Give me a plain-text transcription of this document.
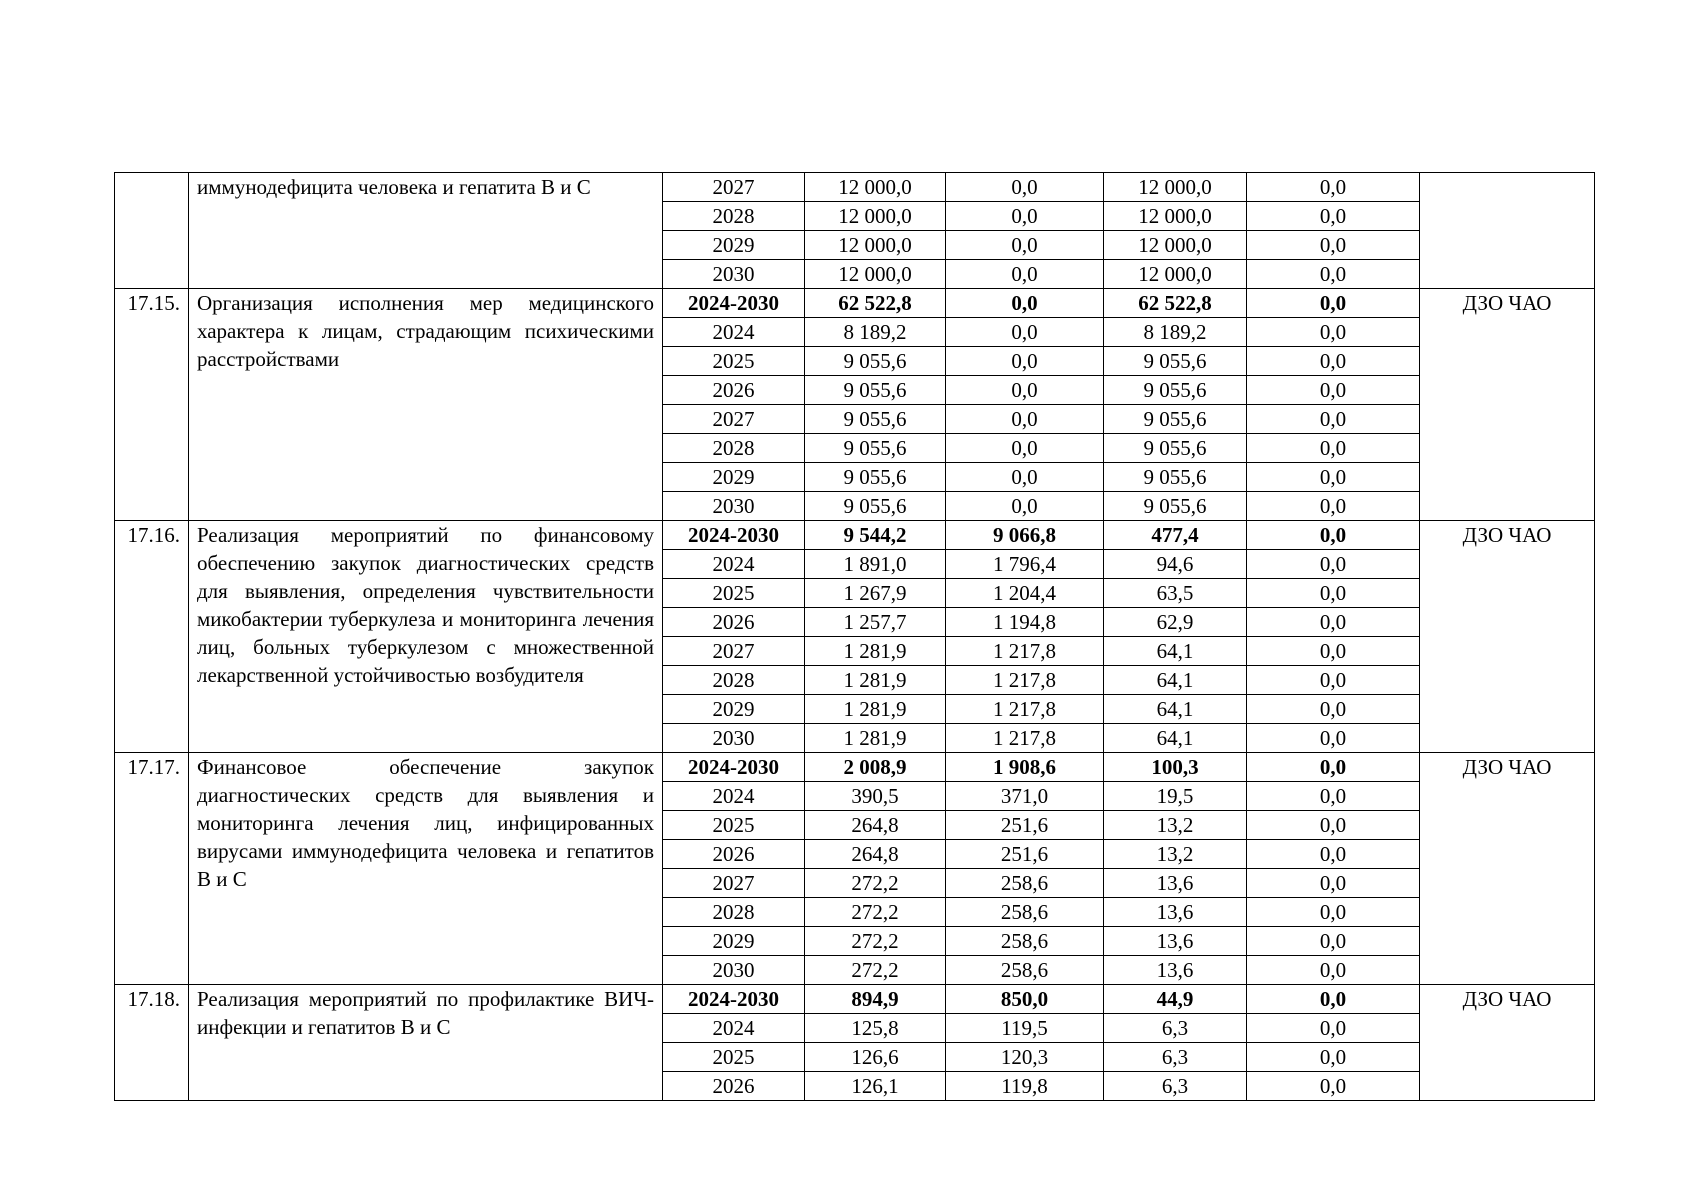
	иммунодефицита человека и гепатита В и С	2027	12 000,0	0,0	12 000,0	0,0	
		2028	12 000,0	0,0	12 000,0	0,0	
		2029	12 000,0	0,0	12 000,0	0,0	
		2030	12 000,0	0,0	12 000,0	0,0	
17.15.	Организация исполнения мер медицинского характера к лицам, страдающим психическими расстройствами	2024-2030	62 522,8	0,0	62 522,8	0,0	ДЗО ЧАО
		2024	8 189,2	0,0	8 189,2	0,0	
		2025	9 055,6	0,0	9 055,6	0,0	
		2026	9 055,6	0,0	9 055,6	0,0	
		2027	9 055,6	0,0	9 055,6	0,0	
		2028	9 055,6	0,0	9 055,6	0,0	
		2029	9 055,6	0,0	9 055,6	0,0	
		2030	9 055,6	0,0	9 055,6	0,0	
17.16.	Реализация мероприятий по финансовому обеспечению закупок диагностических средств для выявления, определения чувствительности микобактерии туберкулеза и мониторинга лечения лиц, больных туберкулезом с множественной лекарственной устойчивостью возбудителя	2024-2030	9 544,2	9 066,8	477,4	0,0	ДЗО ЧАО
		2024	1 891,0	1 796,4	94,6	0,0	
		2025	1 267,9	1 204,4	63,5	0,0	
		2026	1 257,7	1 194,8	62,9	0,0	
		2027	1 281,9	1 217,8	64,1	0,0	
		2028	1 281,9	1 217,8	64,1	0,0	
		2029	1 281,9	1 217,8	64,1	0,0	
		2030	1 281,9	1 217,8	64,1	0,0	
17.17.	Финансовое обеспечение закупок диагностических средств для выявления и мониторинга лечения лиц, инфицированных вирусами иммунодефицита человека и гепатитов В и С	2024-2030	2 008,9	1 908,6	100,3	0,0	ДЗО ЧАО
		2024	390,5	371,0	19,5	0,0	
		2025	264,8	251,6	13,2	0,0	
		2026	264,8	251,6	13,2	0,0	
		2027	272,2	258,6	13,6	0,0	
		2028	272,2	258,6	13,6	0,0	
		2029	272,2	258,6	13,6	0,0	
		2030	272,2	258,6	13,6	0,0	
17.18.	Реализация мероприятий по профилактике ВИЧ-инфекции и гепатитов В и С	2024-2030	894,9	850,0	44,9	0,0	ДЗО ЧАО
		2024	125,8	119,5	6,3	0,0	
		2025	126,6	120,3	6,3	0,0	
		2026	126,1	119,8	6,3	0,0	
